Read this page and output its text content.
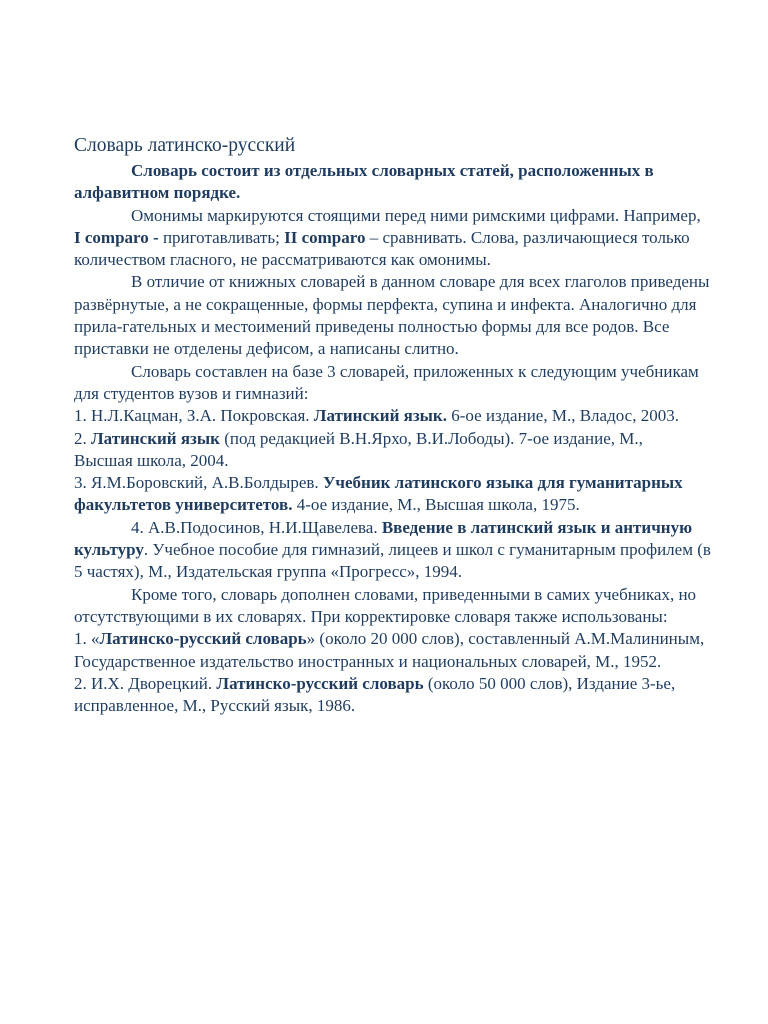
Словарь латинско-русский

Словарь состоит из отдельных словарных статей, расположенных в алфавитном порядке.

Омонимы маркируются стоящими перед ними римскими цифрами. Например,

I comparo - приготавливать; II comparo – сравнивать. Слова, различающиеся только количеством гласного, не рассматриваются как омонимы.

В отличие от книжных словарей в данном словаре для всех глаголов приведены развёрнутые, а не сокращенные, формы перфекта, супина и инфекта. Аналогично для прила-гательных и местоимений приведены полностью формы для все родов. Все приставки не отделены дефисом, а написаны слитно.

Словарь составлен на базе 3 словарей, приложенных к следующим учебникам для студентов вузов и гимназий:

1. Н.Л.Кацман, З.А. Покровская. Латинский язык. 6-ое издание, М., Владос, 2003.

2. Латинский язык (под редакцией В.Н.Ярхо, В.И.Лободы). 7-ое издание, М.,

Высшая школа, 2004.

3. Я.М.Боровский, А.В.Болдырев. Учебник латинского языка для гуманитарных факультетов университетов. 4-ое издание, М., Высшая школа, 1975.

4. А.В.Подосинов, Н.И.Щавелева. Введение в латинский язык и античную культуру. Учебное пособие для гимназий, лицеев и школ с гуманитарным профилем (в 5 частях), М., Издательская группа «Прогресс», 1994.

Кроме того, словарь дополнен словами, приведенными в самих учебниках, но отсутствующими в их словарях. При корректировке словаря также использованы:

1. «Латинско-русский словарь» (около 20 000 слов), составленный А.М.Малининым,

Государственное издательство иностранных и национальных словарей, М., 1952.

2. И.Х. Дворецкий. Латинско-русский словарь (около 50 000 слов), Издание 3-ье, исправленное, М., Русский язык, 1986.
